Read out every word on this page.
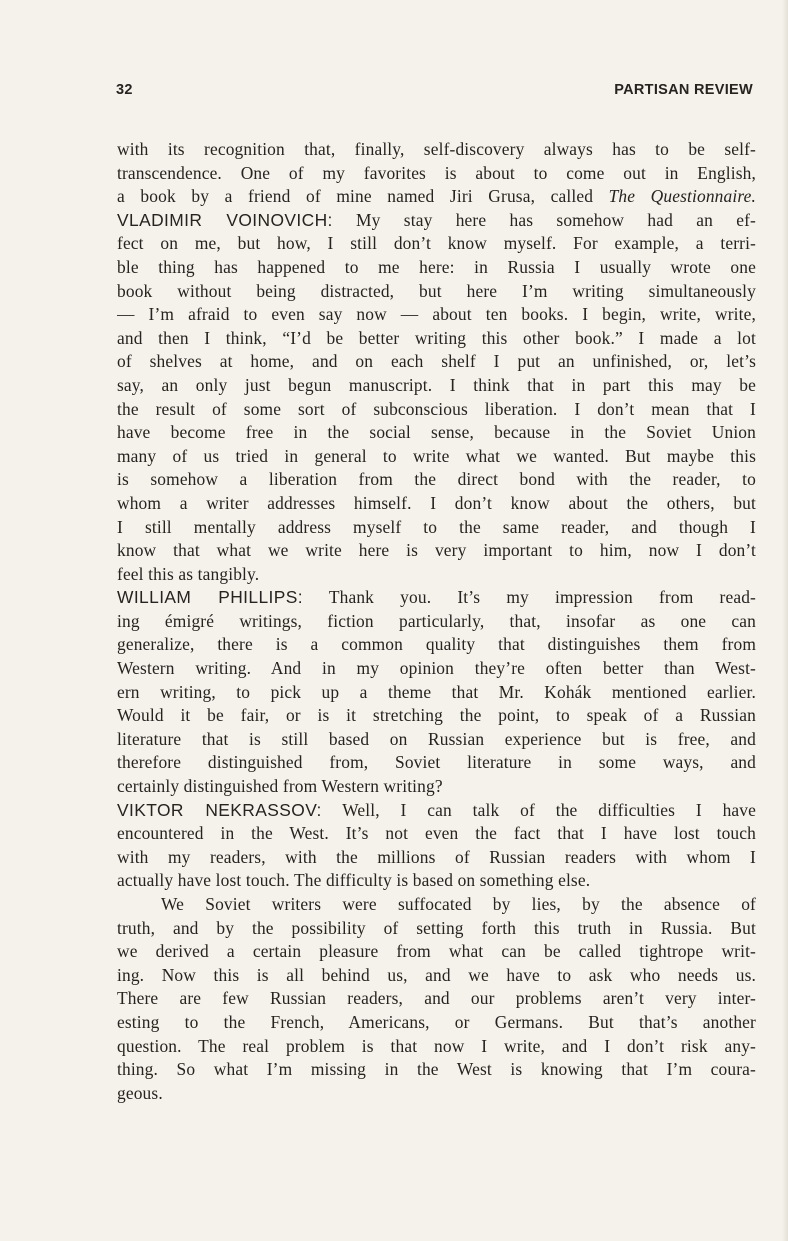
32	PARTISAN REVIEW
with its recognition that, finally, self-discovery always has to be self-
transcendence. One of my favorites is about to come out in English,
a book by a friend of mine named Jiri Grusa, called The Questionnaire.
VLADIMIR VOINOVICH: My stay here has somehow had an ef-
fect on me, but how, I still don’t know myself. For example, a terri-
ble thing has happened to me here: in Russia I usually wrote one
book without being distracted, but here I’m writing simultaneously
— I’m afraid to even say now — about ten books. I begin, write, write,
and then I think, “I’d be better writing this other book.” I made a lot
of shelves at home, and on each shelf I put an unfinished, or, let’s
say, an only just begun manuscript. I think that in part this may be
the result of some sort of subconscious liberation. I don’t mean that I
have become free in the social sense, because in the Soviet Union
many of us tried in general to write what we wanted. But maybe this
is somehow a liberation from the direct bond with the reader, to
whom a writer addresses himself. I don’t know about the others, but
I still mentally address myself to the same reader, and though I
know that what we write here is very important to him, now I don’t
feel this as tangibly.
WILLIAM PHILLIPS: Thank you. It’s my impression from read-
ing émigré writings, fiction particularly, that, insofar as one can
generalize, there is a common quality that distinguishes them from
Western writing. And in my opinion they’re often better than West-
ern writing, to pick up a theme that Mr. Kohák mentioned earlier.
Would it be fair, or is it stretching the point, to speak of a Russian
literature that is still based on Russian experience but is free, and
therefore distinguished from, Soviet literature in some ways, and
certainly distinguished from Western writing?
VIKTOR NEKRASSOV: Well, I can talk of the difficulties I have
encountered in the West. It’s not even the fact that I have lost touch
with my readers, with the millions of Russian readers with whom I
actually have lost touch. The difficulty is based on something else.
We Soviet writers were suffocated by lies, by the absence of
truth, and by the possibility of setting forth this truth in Russia. But
we derived a certain pleasure from what can be called tightrope writ-
ing. Now this is all behind us, and we have to ask who needs us.
There are few Russian readers, and our problems aren’t very inter-
esting to the French, Americans, or Germans. But that’s another
question. The real problem is that now I write, and I don’t risk any-
thing. So what I’m missing in the West is knowing that I’m coura-
geous.
